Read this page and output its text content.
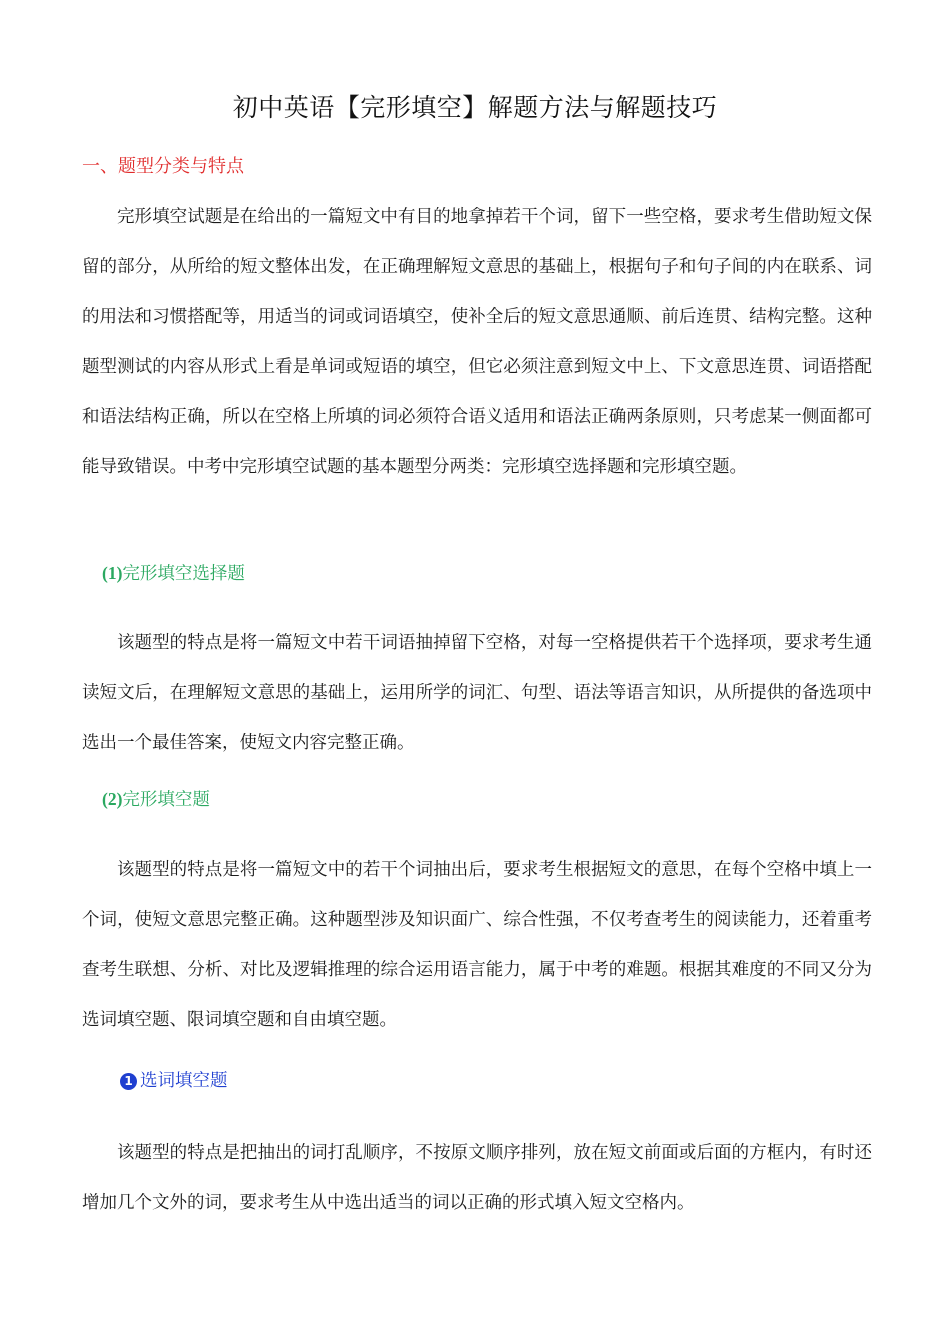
初中英语【完形填空】解题方法与解题技巧
一、题型分类与特点

完形填空试题是在给出的一篇短文中有目的地拿掉若干个词，留下一些空格，要求考生借助短文保留的部分，从所给的短文整体出发，在正确理解短文意思的基础上，根据句子和句子间的内在联系、词的用法和习惯搭配等，用适当的词或词语填空，使补全后的短文意思通顺、前后连贯、结构完整。这种题型测试的内容从形式上看是单词或短语的填空，但它必须注意到短文中上、下文意思连贯、词语搭配和语法结构正确，所以在空格上所填的词必须符合语义适用和语法正确两条原则，只考虑某一侧面都可能导致错误。中考中完形填空试题的基本题型分两类：完形填空选择题和完形填空题。

(1)完形填空选择题

该题型的特点是将一篇短文中若干词语抽掉留下空格，对每一空格提供若干个选择项，要求考生通读短文后，在理解短文意思的基础上，运用所学的词汇、句型、语法等语言知识，从所提供的备选项中选出一个最佳答案，使短文内容完整正确。

(2)完形填空题

该题型的特点是将一篇短文中的若干个词抽出后，要求考生根据短文的意思，在每个空格中填上一个词，使短文意思完整正确。这种题型涉及知识面广、综合性强，不仅考查考生的阅读能力，还着重考查考生联想、分析、对比及逻辑推理的综合运用语言能力，属于中考的难题。根据其难度的不同又分为选词填空题、限词填空题和自由填空题。

1 选词填空题

该题型的特点是把抽出的词打乱顺序，不按原文顺序排列，放在短文前面或后面的方框内，有时还增加几个文外的词，要求考生从中选出适当的词以正确的形式填入短文空格内。
